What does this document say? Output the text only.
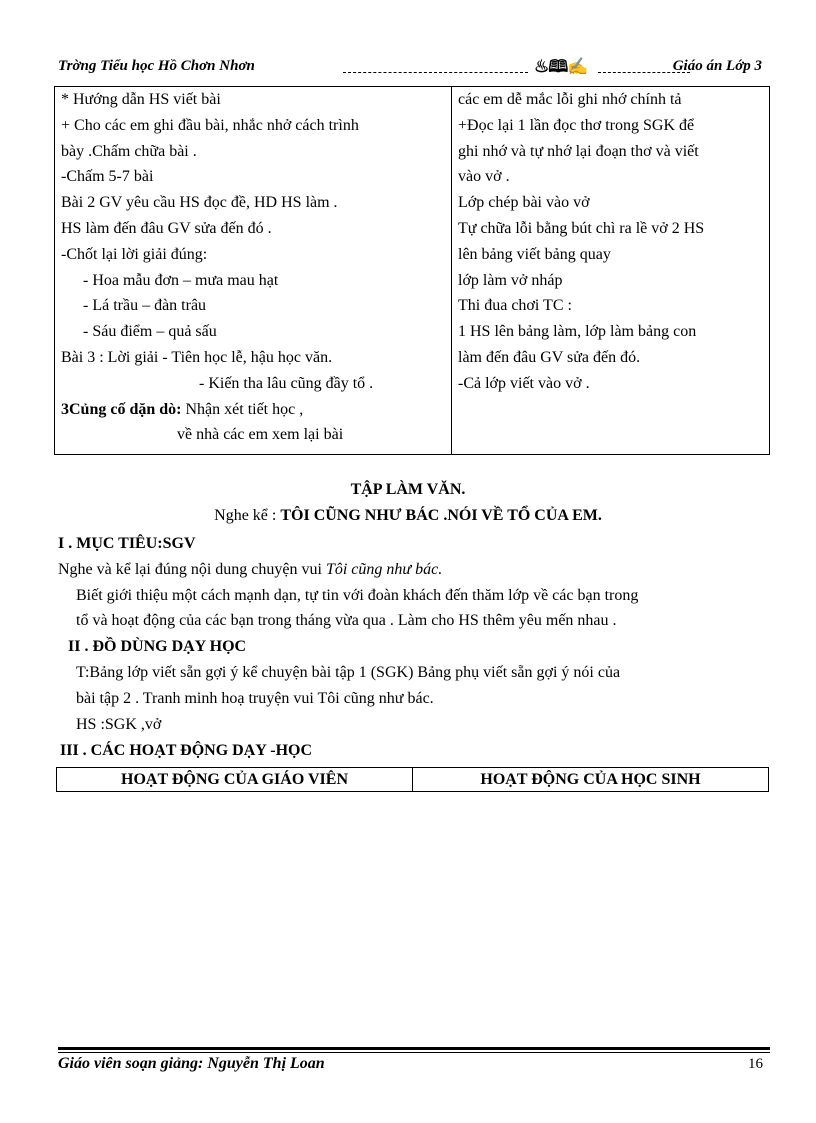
Trờng Tiểu học Hồ Chơn Nhơn	♨🕮✍	Giáo án Lớp 3
* Hướng dẫn HS viết bài
+ Cho các em ghi đầu bài, nhắc nhở cách trình
bày .Chấm chữa bài .
-Chấm 5-7 bài
Bài 2 GV yêu cầu HS đọc đề, HD HS làm .
HS làm đến đâu GV sửa đến đó .
-Chốt lại lời giải đúng:
- Hoa mẫu đơn – mưa mau hạt
- Lá trầu – đàn trâu
- Sáu điểm – quả sấu
Bài 3 : Lời giải - Tiên học lễ, hậu học văn.
- Kiến tha lâu cũng đầy tổ .
3Củng cố dặn dò: Nhận xét tiết học ,
về nhà các em xem lại bài

các em dễ mắc lỗi ghi nhớ chính tả
+Đọc lại 1 lần đọc thơ trong SGK để
ghi nhớ và tự nhớ lại đoạn thơ và viết
vào vở .
Lớp chép bài vào vở
Tự chữa lỗi bằng bút chì ra lề vở 2 HS
lên bảng viết bảng quay
lớp làm vở nháp
Thi đua chơi TC :
1 HS lên bảng làm, lớp làm bảng con
làm đến đâu GV sửa đến đó.
-Cả lớp viết vào vở .
TẬP LÀM VĂN.
Nghe kể : TÔI CŨNG NHƯ BÁC .NÓI VỀ TỔ CỦA EM.
I . MỤC TIÊU:SGV
Nghe và kể lại đúng nội dung chuyện vui Tôi cũng như bác.
Biết giới thiệu một cách mạnh dạn, tự tin với đoàn khách đến thăm lớp về các bạn trong
tổ và hoạt động của các bạn trong tháng vừa qua . Làm cho HS thêm yêu mến nhau .
II . ĐỒ DÙNG DẠY HỌC
T:Bảng lớp viết sẵn gợi ý kể chuyện bài tập 1 (SGK) Bảng phụ viết sẵn gợi ý nói của
bài tập 2 . Tranh minh hoạ truyện vui Tôi cũng như bác.
HS :SGK ,vở
III . CÁC HOẠT ĐỘNG DẠY -HỌC
HOẠT ĐỘNG CỦA GIÁO VIÊN	HOẠT ĐỘNG CỦA HỌC SINH
Giáo viên soạn giảng: Nguyễn Thị Loan	16
